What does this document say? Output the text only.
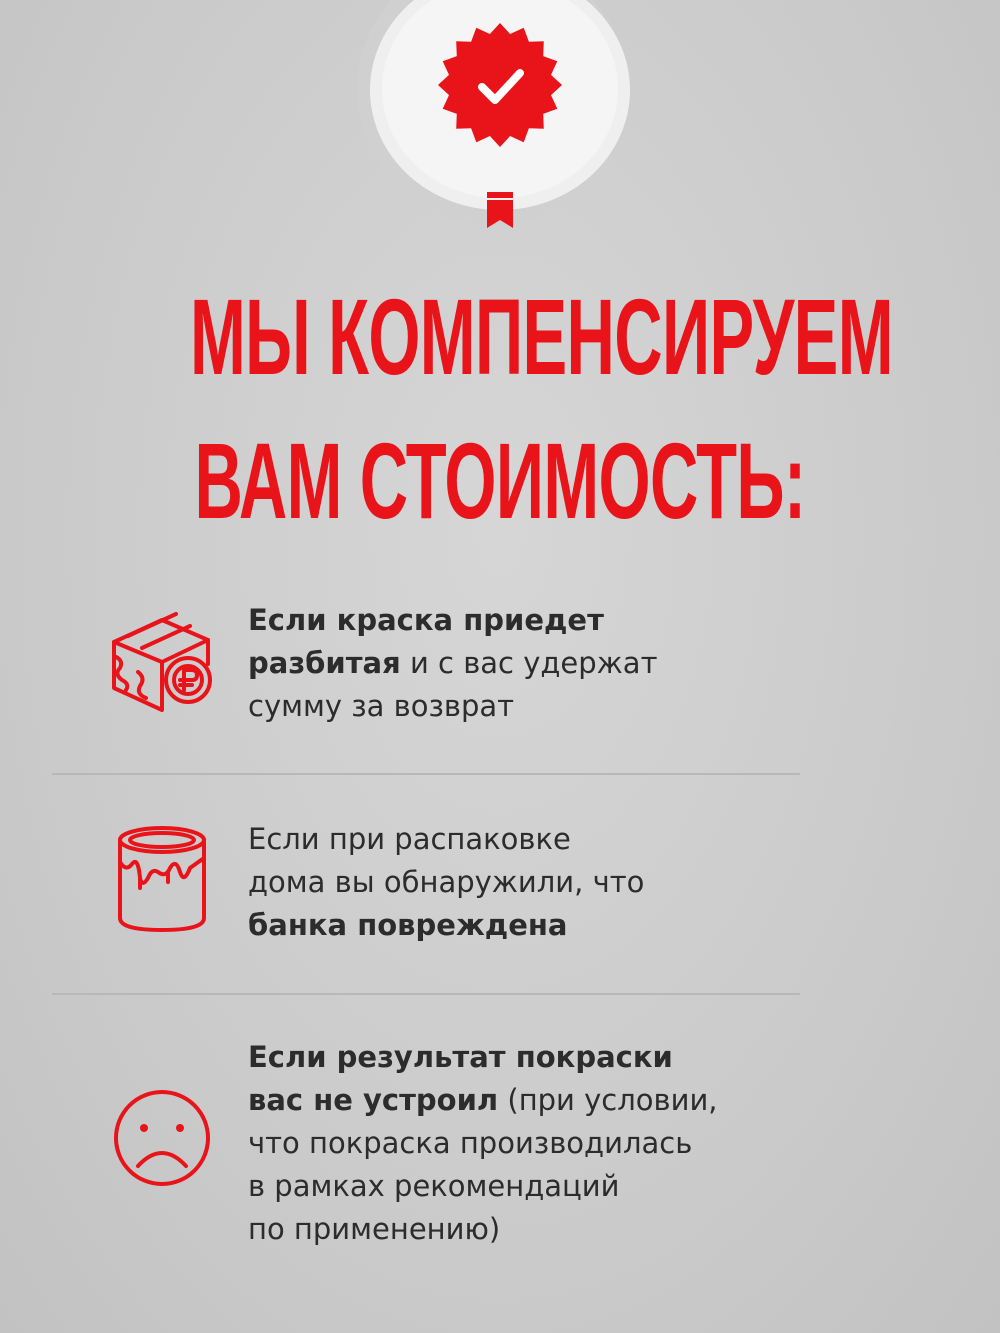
МЫ КОМПЕНСИРУЕМ
ВАМ СТОИМОСТЬ:
Если краска приедет
разбитая и с вас удержат
сумму за возврат
Если при распаковке
дома вы обнаружили, что
банка повреждена
Если результат покраски
вас не устроил (при условии,
что покраска производилась
в рамках рекомендаций
по применению)
